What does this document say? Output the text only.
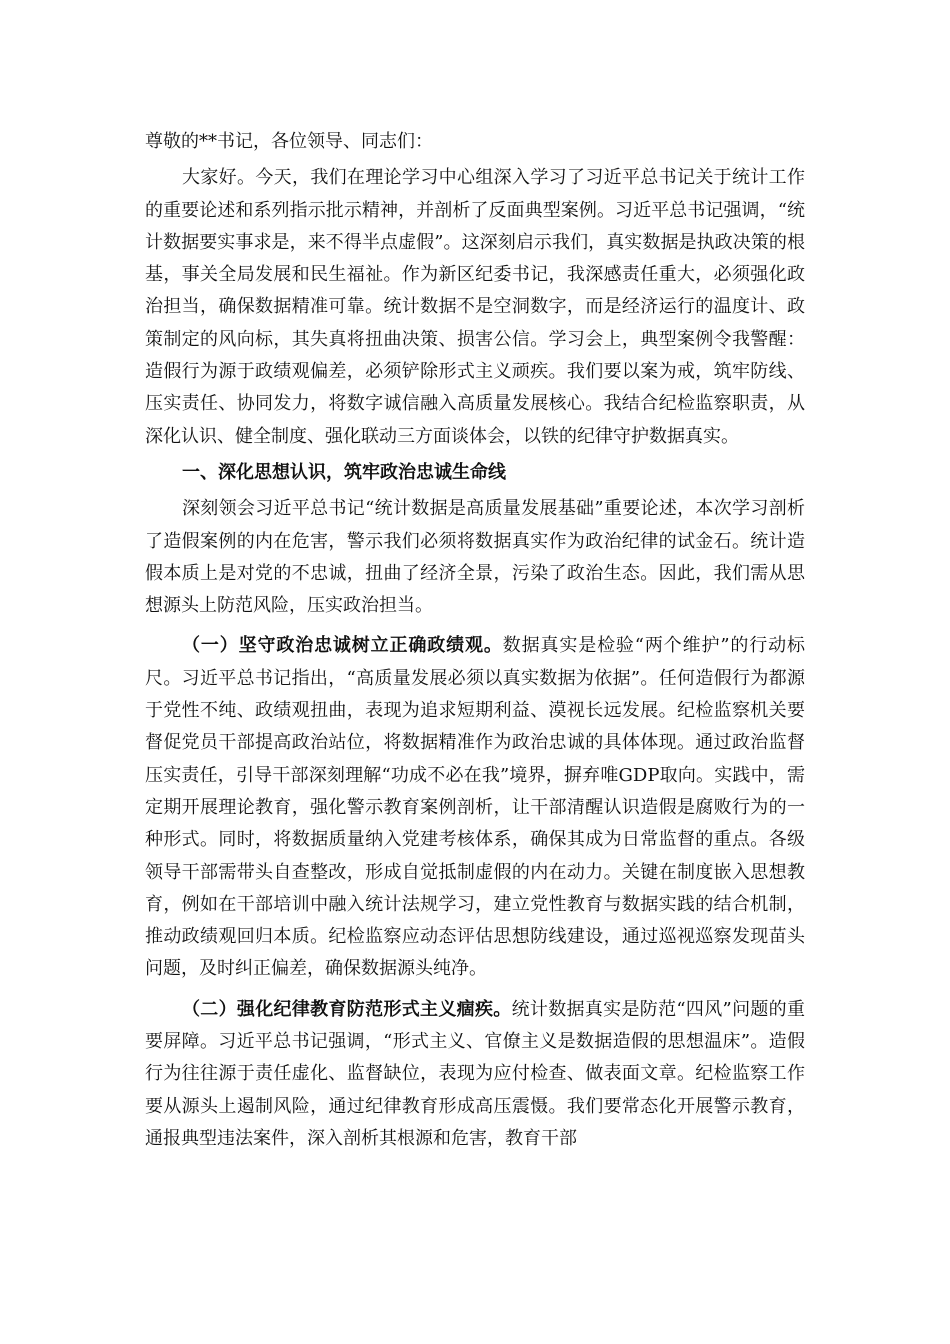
尊敬的**书记，各位领导、同志们：

大家好。今天，我们在理论学习中心组深入学习了习近平总书记关于统计工作的重要论述和系列指示批示精神，并剖析了反面典型案例。习近平总书记强调，“统计数据要实事求是，来不得半点虚假”。这深刻启示我们，真实数据是执政决策的根基，事关全局发展和民生福祉。作为新区纪委书记，我深感责任重大，必须强化政治担当，确保数据精准可靠。统计数据不是空洞数字，而是经济运行的温度计、政策制定的风向标，其失真将扭曲决策、损害公信。学习会上，典型案例令我警醒：造假行为源于政绩观偏差，必须铲除形式主义顽疾。我们要以案为戒，筑牢防线、压实责任、协同发力，将数字诚信融入高质量发展核心。我结合纪检监察职责，从深化认识、健全制度、强化联动三方面谈体会，以铁的纪律守护数据真实。

一、深化思想认识，筑牢政治忠诚生命线

深刻领会习近平总书记“统计数据是高质量发展基础”重要论述，本次学习剖析了造假案例的内在危害，警示我们必须将数据真实作为政治纪律的试金石。统计造假本质上是对党的不忠诚，扭曲了经济全景，污染了政治生态。因此，我们需从思想源头上防范风险，压实政治担当。

（一）坚守政治忠诚树立正确政绩观。数据真实是检验“两个维护”的行动标尺。习近平总书记指出，“高质量发展必须以真实数据为依据”。任何造假行为都源于党性不纯、政绩观扭曲，表现为追求短期利益、漠视长远发展。纪检监察机关要督促党员干部提高政治站位，将数据精准作为政治忠诚的具体体现。通过政治监督压实责任，引导干部深刻理解“功成不必在我”境界，摒弃唯GDP取向。实践中，需定期开展理论教育，强化警示教育案例剖析，让干部清醒认识造假是腐败行为的一种形式。同时，将数据质量纳入党建考核体系，确保其成为日常监督的重点。各级领导干部需带头自查整改，形成自觉抵制虚假的内在动力。关键在制度嵌入思想教育，例如在干部培训中融入统计法规学习，建立党性教育与数据实践的结合机制，推动政绩观回归本质。纪检监察应动态评估思想防线建设，通过巡视巡察发现苗头问题，及时纠正偏差，确保数据源头纯净。

（二）强化纪律教育防范形式主义痼疾。统计数据真实是防范“四风”问题的重要屏障。习近平总书记强调，“形式主义、官僚主义是数据造假的思想温床”。造假行为往往源于责任虚化、监督缺位，表现为应付检查、做表面文章。纪检监察工作要从源头上遏制风险，通过纪律教育形成高压震慑。我们要常态化开展警示教育，通报典型违法案件，深入剖析其根源和危害，教育干部
